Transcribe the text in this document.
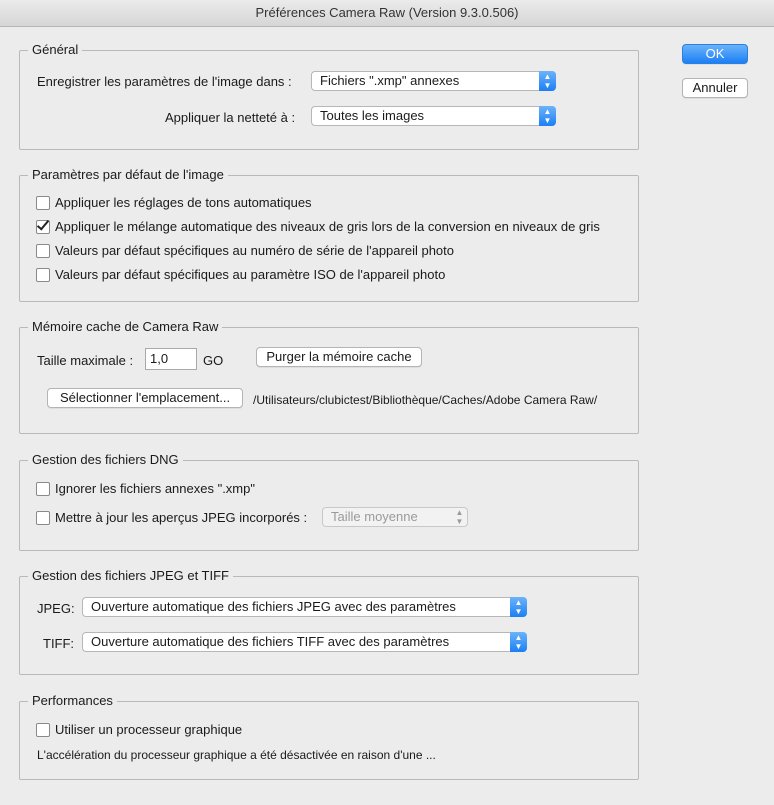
Préférences Camera Raw (Version 9.3.0.506)
OK
Annuler
Général
Enregistrer les paramètres de l'image dans :	Fichiers ".xmp" annexes	▲
▼
Appliquer la netteté à :	Toutes les images	▲
▼
Paramètres par défaut de l'image
Appliquer les réglages de tons automatiques
Appliquer le mélange automatique des niveaux de gris lors de la conversion en niveaux de gris
Valeurs par défaut spécifiques au numéro de série de l'appareil photo
Valeurs par défaut spécifiques au paramètre ISO de l'appareil photo
Mémoire cache de Camera Raw
Taille maximale :	1,0	GO	Purger la mémoire cache
Sélectionner l'emplacement...	/Utilisateurs/clubictest/Bibliothèque/Caches/Adobe Camera Raw/
Gestion des fichiers DNG
Ignorer les fichiers annexes ".xmp"
Mettre à jour les aperçus JPEG incorporés :	Taille moyenne	▲
▼
Gestion des fichiers JPEG et TIFF
JPEG:	Ouverture automatique des fichiers JPEG avec des paramètres	▲
▼
TIFF:	Ouverture automatique des fichiers TIFF avec des paramètres	▲
▼
Performances
Utiliser un processeur graphique
L'accélération du processeur graphique a été désactivée en raison d'une ...
